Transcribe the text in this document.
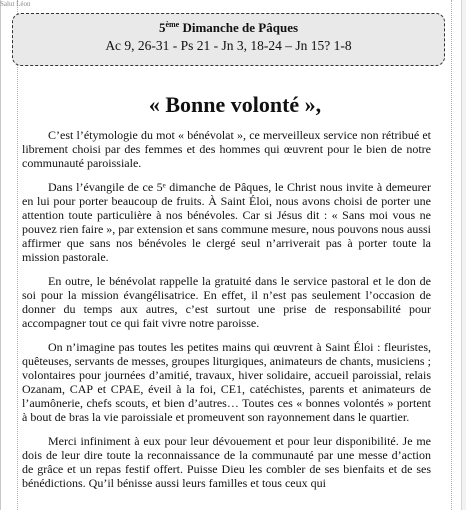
Salut Léon
5ème Dimanche de Pâques
Ac 9, 26-31 - Ps 21 - Jn 3, 18-24 – Jn 15? 1-8
« Bonne volonté »,

C’est l’étymologie du mot « bénévolat », ce merveilleux service non rétribué et librement choisi par des femmes et des hommes qui œuvrent pour le bien de notre communauté paroissiale.

Dans l’évangile de ce 5ᵉ dimanche de Pâques, le Christ nous invite à demeurer en lui pour porter beaucoup de fruits. À Saint Éloi, nous avons choisi de porter une attention toute particulière à nos bénévoles. Car si Jésus dit : « Sans moi vous ne pouvez rien faire », par extension et sans commune mesure, nous pouvons nous aussi affirmer que sans nos bénévoles le clergé seul n’arriverait pas à porter toute la mission pastorale.

En outre, le bénévolat rappelle la gratuité dans le service pastoral et le don de soi pour la mission évangélisatrice. En effet, il n’est pas seulement l’occasion de donner du temps aux autres, c’est surtout une prise de responsabilité pour accompagner tout ce qui fait vivre notre paroisse.

On n’imagine pas toutes les petites mains qui œuvrent à Saint Éloi : fleuristes, quêteuses, servants de messes, groupes liturgiques, animateurs de chants, musiciens ; volontaires pour journées d’amitié, travaux, hiver solidaire, accueil paroissial, relais Ozanam, CAP et CPAE, éveil à la foi, CE1, catéchistes, parents et animateurs de l’aumônerie, chefs scouts, et bien d’autres… Toutes ces « bonnes volontés » portent à bout de bras la vie paroissiale et promeuvent son rayonnement dans le quartier.

Merci infiniment à eux pour leur dévouement et pour leur disponibilité. Je me dois de leur dire toute la reconnaissance de la communauté par une messe d’action de grâce et un repas festif offert. Puisse Dieu les combler de ses bienfaits et de ses bénédictions. Qu’il bénisse aussi leurs familles et tous ceux qui
